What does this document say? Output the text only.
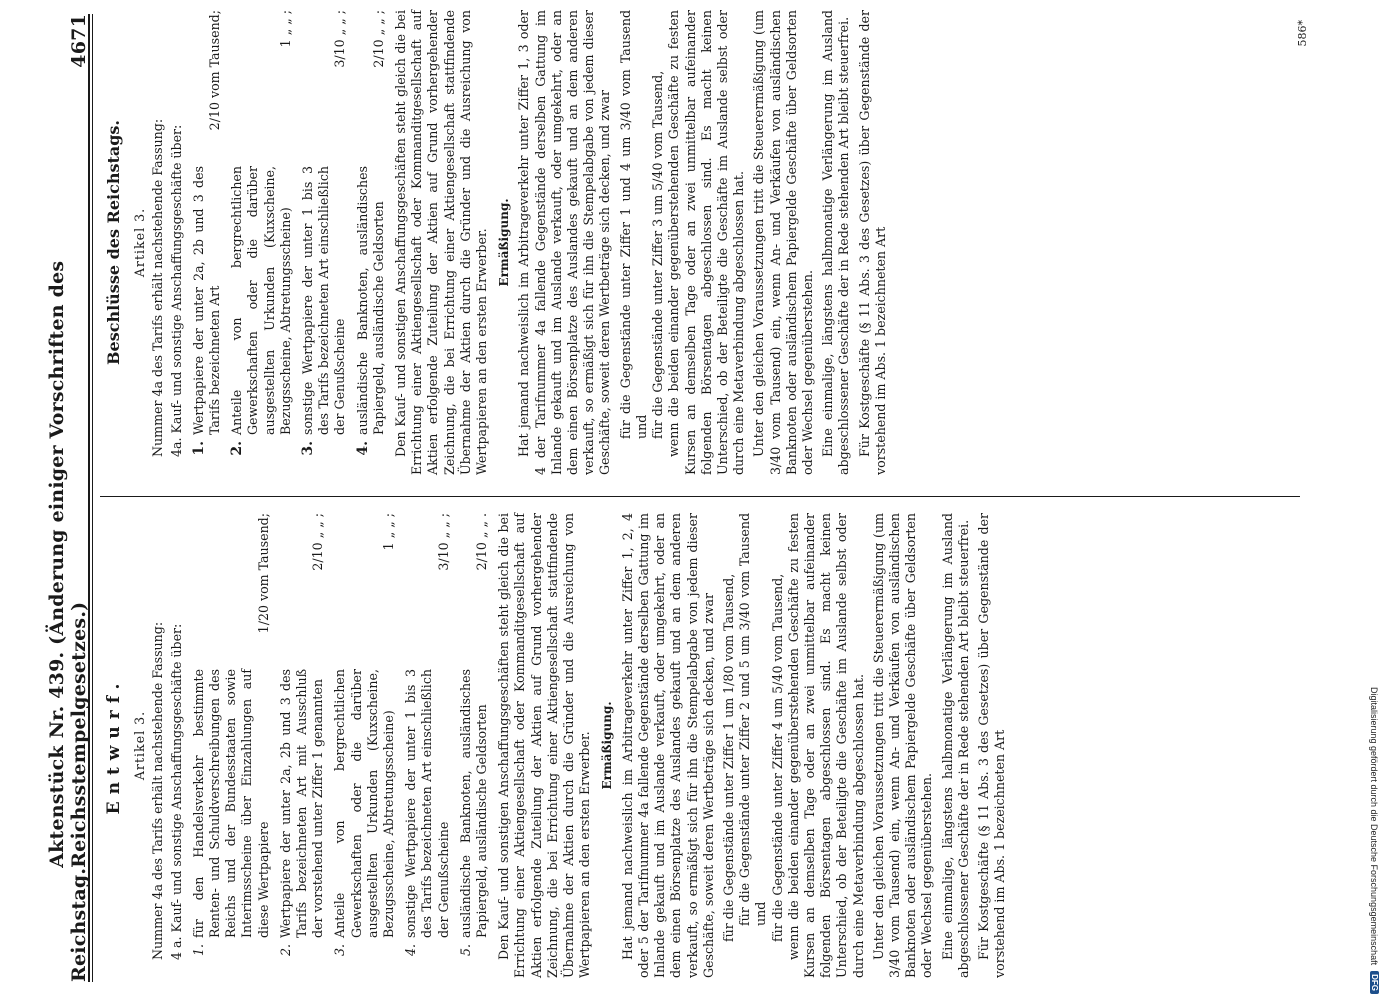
Reichstag.
Aktenstück Nr. 439. (Änderung einiger Vorschriften des Reichsstempelgesetzes.)
4671
Entwurf. Artikel 3. Nummer 4a des Tarifs erhält nachstehende Fassung: 4 a. Kauf- und sonstige Anschaffungsgeschäfte über: 1.
für den Handelsverkehr bestimmte Renten- und Schuldverschreibungen des Reichs und der Bundesstaaten sowie Interimsscheine über Einzahlungen auf diese Wertpapiere
1/20 vom Tausend;
2.
Wertpapiere der unter 2a, 2b und 3 des Tarifs bezeichneten Art mit Ausschluß der vorstehend unter Ziffer 1 genannten
2/10 „ „ ;
3.
Anteile von bergrechtlichen Gewerkschaften oder die darüber ausgestellten Urkunden (Kuxscheine, Bezugsscheine, Abtretungsscheine)
1 „ „ ;
4.
sonstige Wertpapiere der unter 1 bis 3 des Tarifs bezeichneten Art einschließlich der Genußscheine
3/10 „ „ ;
5.
ausländische Banknoten, ausländisches Papiergeld, ausländische Geldsorten
2/10 „ „ . Den Kauf- und sonstigen Anschaffungsgeschäften steht gleich die bei Errichtung einer Aktiengesellschaft oder Kommanditgesellschaft auf Aktien erfolgende Zuteilung der Aktien auf Grund vorhergehender Zeichnung, die bei Errichtung einer Aktiengesellschaft stattfindende Übernahme der Aktien durch die Gründer und die Ausreichung von Wertpapieren an den ersten Erwerber. Ermäßigung. Hat jemand nachweislich im Arbitrageverkehr unter Ziffer 1, 2, 4 oder 5 der Tarifnummer 4a fallende Gegenstände derselben Gattung im Inlande gekauft und im Auslande verkauft, oder umgekehrt, oder an dem einen Börsenplatze des Auslandes gekauft und an dem anderen verkauft, so ermäßigt sich für ihn die Stempelabgabe von jedem dieser Geschäfte, soweit deren Wertbeträge sich decken, und zwar für die Gegenstände unter Ziffer 1 um 1/80 vom Tausend, für die Gegenstände unter Ziffer 2 und 5 um 3/40 vom Tausend und für die Gegenstände unter Ziffer 4 um 5/40 vom Tausend, wenn die beiden einander gegenüberstehenden Geschäfte zu festen Kursen an demselben Tage oder an zwei unmittelbar aufeinander folgenden Börsentagen abgeschlossen sind. Es macht keinen Unterschied, ob der Beteiligte die Geschäfte im Auslande selbst oder durch eine Metaverbindung abgeschlossen hat. Unter den gleichen Voraussetzungen tritt die Steuerermäßigung (um 3/40 vom Tausend) ein, wenn An- und Verkäufen von ausländischen Banknoten oder ausländischem Papiergelde Geschäfte über Geldsorten oder Wechsel gegenüberstehen. Eine einmalige, längstens halbmonatige Verlängerung im Ausland abgeschlossener Geschäfte der in Rede stehenden Art bleibt steuerfrei. Für Kostgeschäfte (§ 11 Abs. 3 des Gesetzes) über Gegenstände der vorstehend im Abs. 1 bezeichneten Art
Beschlüsse des Reichstags. Artikel 3. Nummer 4a des Tarifs erhält nachstehende Fassung: 4a. Kauf- und sonstige Anschaffungsgeschäfte über: 1.
Wertpapiere der unter 2a, 2b und 3 des Tarifs bezeichneten Art
2/10 vom Tausend;
2.
Anteile von bergrechtlichen Gewerkschaften oder die darüber ausgestellten Urkunden (Kuxscheine, Bezugsscheine, Abtretungsscheine)
1 „ „ ;
3.
sonstige Wertpapiere der unter 1 bis 3 des Tarifs bezeichneten Art einschließlich der Genußscheine
3/10 „ „ ;
4.
ausländische Banknoten, ausländisches Papiergeld, ausländische Geldsorten
2/10 „ „ ; Den Kauf- und sonstigen Anschaffungsgeschäften steht gleich die bei Errichtung einer Aktiengesellschaft oder Kommanditgesellschaft auf Aktien erfolgende Zuteilung der Aktien auf Grund vorhergehender Zeichnung, die bei Errichtung einer Aktiengesellschaft stattfindende Übernahme der Aktien durch die Gründer und die Ausreichung von Wertpapieren an den ersten Erwerber. Ermäßigung. Hat jemand nachweislich im Arbitrageverkehr unter Ziffer 1, 3 oder 4 der Tarifnummer 4a fallende Gegenstände derselben Gattung im Inlande gekauft und im Auslande verkauft, oder umgekehrt, oder an dem einen Börsenplatze des Auslandes gekauft und an dem anderen verkauft, so ermäßigt sich für ihn die Stempelabgabe von jedem dieser Geschäfte, soweit deren Wertbeträge sich decken, und zwar für die Gegenstände unter Ziffer 1 und 4 um 3/40 vom Tausend und für die Gegenstände unter Ziffer 3 um 5/40 vom Tausend, wenn die beiden einander gegenüberstehenden Geschäfte zu festen Kursen an demselben Tage oder an zwei unmittelbar aufeinander folgenden Börsentagen abgeschlossen sind. Es macht keinen Unterschied, ob der Beteiligte die Geschäfte im Auslande selbst oder durch eine Metaverbindung abgeschlossen hat. Unter den gleichen Voraussetzungen tritt die Steuerermäßigung (um 3/40 vom Tausend) ein, wenn An- und Verkäufen von ausländischen Banknoten oder ausländischem Papiergelde Geschäfte über Geldsorten oder Wechsel gegenüberstehen. Eine einmalige, längstens halbmonatige Verlängerung im Ausland abgeschlossener Geschäfte der in Rede stehenden Art bleibt steuerfrei. Für Kostgeschäfte (§ 11 Abs. 3 des Gesetzes) über Gegenstände der vorstehend im Abs. 1 bezeichneten Art
586*
Digitalisierung gefördert durch die Deutsche Forschungsgemeinschaft
DFG
